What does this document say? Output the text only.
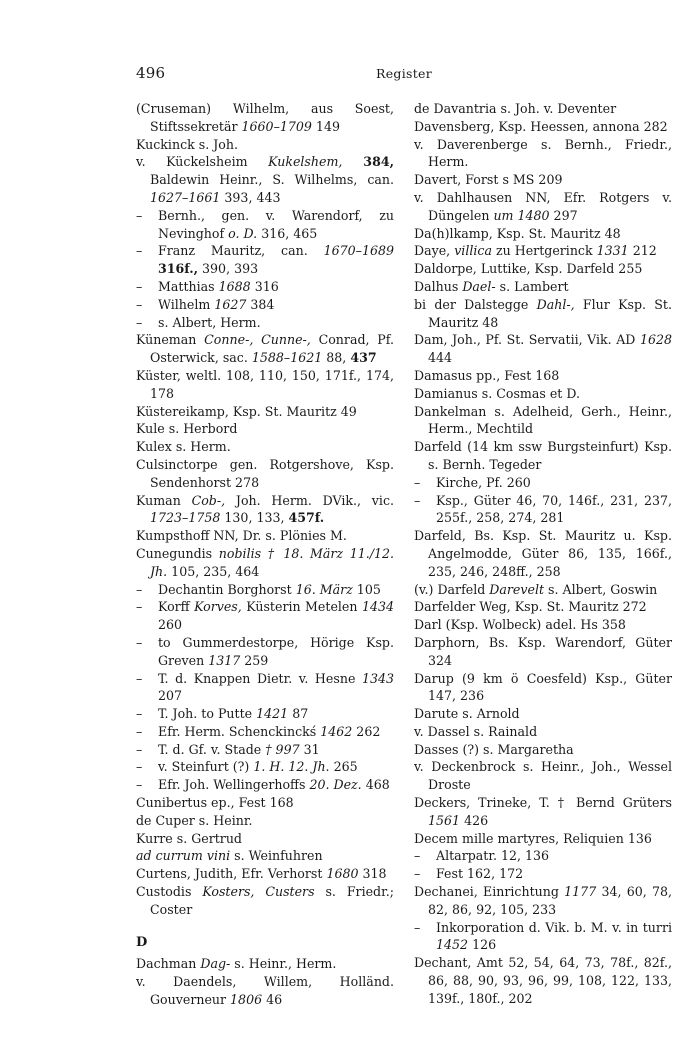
496	Register

(Cruseman) Wilhelm, aus Soest, Stiftssekretär 1660–1709 149

Kuckinck s. Joh.

v. Kückelsheim Kukelshem, 384, Baldewin Heinr., S. Wilhelms, can. 1627–1661 393, 443

– Bernh., gen. v. Warendorf, zu Nevinghof o. D. 316, 465

– Franz Mauritz, can. 1670–1689 316f., 390, 393

– Matthias 1688 316

– Wilhelm 1627 384

– s. Albert, Herm.

Küneman Conne-, Cunne-, Conrad, Pf. Osterwick, sac. 1588–1621 88, 437

Küster, weltl. 108, 110, 150, 171f., 174, 178

Küstereikamp, Ksp. St. Mauritz 49

Kule s. Herbord

Kulex s. Herm.

Culsinctorpe gen. Rotgershove, Ksp. Sendenhorst 278

Kuman Cob-, Joh. Herm. DVik., vic. 1723–1758 130, 133, 457f.

Kumpsthoff NN, Dr. s. Plönies M.

Cunegundis nobilis † 18. März 11./12. Jh. 105, 235, 464

– Dechantin Borghorst 16. März 105

– Korff Korves, Küsterin Metelen 1434 260

– to Gummerdestorpe, Hörige Ksp. Greven 1317 259

– T. d. Knappen Dietr. v. Hesne 1343 207

– T. Joh. to Putte 1421 87

– Efr. Herm. Schenckinckś 1462 262

– T. d. Gf. v. Stade † 997 31

– v. Steinfurt (?) 1. H. 12. Jh. 265

– Efr. Joh. Wellingerhoffs 20. Dez. 468

Cunibertus ep., Fest 168

de Cuper s. Heinr.

Kurre s. Gertrud

ad currum vini s. Weinfuhren

Curtens, Judith, Efr. Verhorst 1680 318

Custodis Kosters, Custers s. Friedr.; Coster

D

Dachman Dag- s. Heinr., Herm.

v. Daendels, Willem, Holländ. Gouverneur 1806 46

de Davantria s. Joh. v. Deventer

Davensberg, Ksp. Heessen, annona 282

v. Daverenberge s. Bernh., Friedr., Herm.

Davert, Forst s MS 209

v. Dahlhausen NN, Efr. Rotgers v. Düngelen um 1480 297

Da(h)lkamp, Ksp. St. Mauritz 48

Daye, villica zu Hertgerinck 1331 212

Daldorpe, Luttike, Ksp. Darfeld 255

Dalhus Dael- s. Lambert

bi der Dalstegge Dahl-, Flur Ksp. St. Mauritz 48

Dam, Joh., Pf. St. Servatii, Vik. AD 1628 444

Damasus pp., Fest 168

Damianus s. Cosmas et D.

Dankelman s. Adelheid, Gerh., Heinr., Herm., Mechtild

Darfeld (14 km ssw Burgsteinfurt) Ksp. s. Bernh. Tegeder

– Kirche, Pf. 260

– Ksp., Güter 46, 70, 146f., 231, 237, 255f., 258, 274, 281

Darfeld, Bs. Ksp. St. Mauritz u. Ksp. Angelmodde, Güter 86, 135, 166f., 235, 246, 248ff., 258

(v.) Darfeld Darevelt s. Albert, Goswin

Darfelder Weg, Ksp. St. Mauritz 272

Darl (Ksp. Wolbeck) adel. Hs 358

Darphorn, Bs. Ksp. Warendorf, Güter 324

Darup (9 km ö Coesfeld) Ksp., Güter 147, 236

Darute s. Arnold

v. Dassel s. Rainald

Dasses (?) s. Margaretha

v. Deckenbrock s. Heinr., Joh., Wessel Droste

Deckers, Trineke, T. † Bernd Grüters 1561 426

Decem mille martyres, Reliquien 136

– Altarpatr. 12, 136

– Fest 162, 172

Dechanei, Einrichtung 1177 34, 60, 78, 82, 86, 92, 105, 233

– Inkorporation d. Vik. b. M. v. in turri 1452 126

Dechant, Amt 52, 54, 64, 73, 78f., 82f., 86, 88, 90, 93, 96, 99, 108, 122, 133, 139f., 180f., 202
